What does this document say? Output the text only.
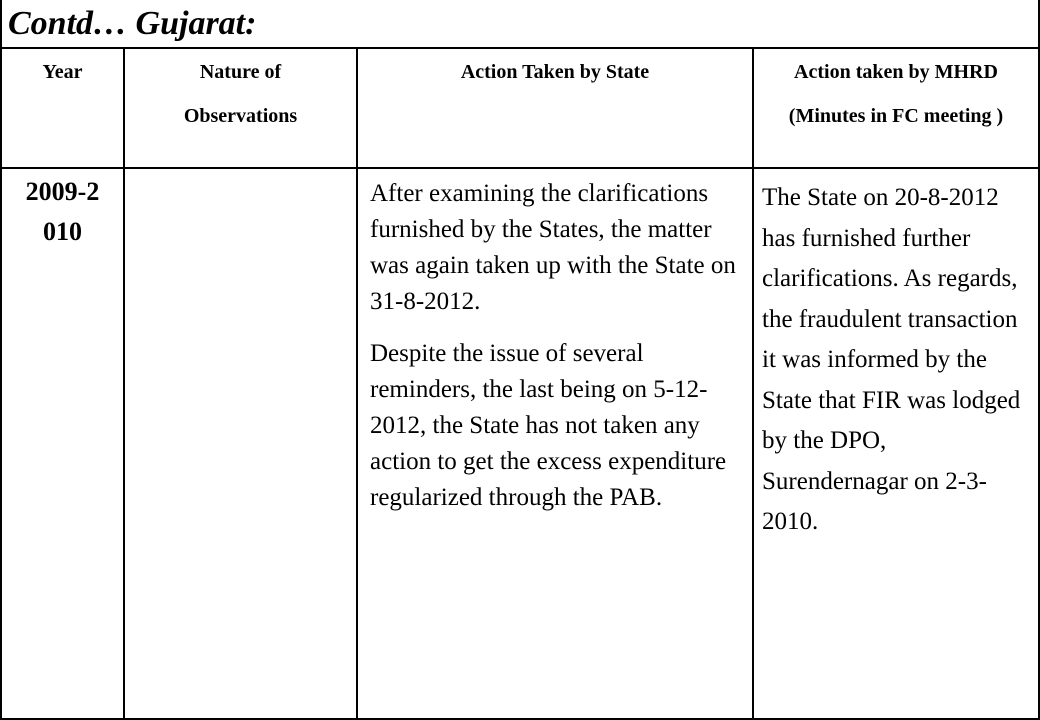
Contd… Gujarat:
Year	Nature of Observations
Action Taken by State	Action taken by MHRD (Minutes in FC meeting )
2009-2010

After examining the clarifications furnished by the States, the matter was again taken up with the State on 31-8-2012.

Despite the issue of several reminders, the last being on 5-12-2012, the State has not taken any action to get the excess expenditure regularized through the PAB.

The State on 20-8-2012 has furnished further clarifications. As regards, the fraudulent transaction it was informed by the State that FIR was lodged by the DPO, Surendernagar on 2-3-2010.
